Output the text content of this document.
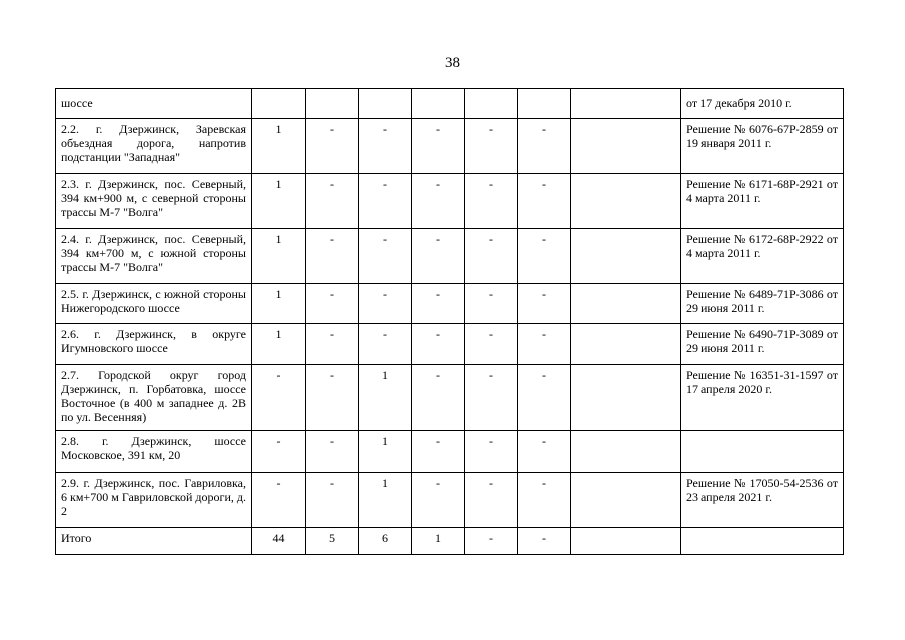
38
шоссе								от 17 декабря 2010 г.
2.2. г. Дзержинск, Заревская объездная дорога, напротив подстанции "Западная"	1	-	-	-	-	-		Решение № 6076-67Р-2859 от 19 января 2011 г.
2.3. г. Дзержинск, пос. Северный, 394 км+900 м, с северной стороны трассы М-7 "Волга"	1	-	-	-	-	-		Решение № 6171-68Р-2921 от 4 марта 2011 г.
2.4. г. Дзержинск, пос. Северный, 394 км+700 м, с южной стороны трассы М-7 "Волга"	1	-	-	-	-	-		Решение № 6172-68Р-2922 от 4 марта 2011 г.
2.5. г. Дзержинск, с южной стороны Нижегородского шоссе	1	-	-	-	-	-		Решение № 6489-71Р-3086 от 29 июня 2011 г.
2.6. г. Дзержинск, в округе Игумновского шоссе	1	-	-	-	-	-		Решение № 6490-71Р-3089 от 29 июня 2011 г.
2.7. Городской округ город Дзержинск, п. Горбатовка, шоссе Восточное (в 400 м западнее д. 2В по ул. Весенняя)	-	-	1	-	-	-		Решение № 16351-31-1597 от 17 апреля 2020 г.
2.8. г. Дзержинск, шоссе Московское, 391 км, 20	-	-	1	-	-	-		
2.9. г. Дзержинск, пос. Гавриловка, 6 км+700 м Гавриловской дороги, д. 2	-	-	1	-	-	-		Решение № 17050-54-2536 от 23 апреля 2021 г.
Итого	44	5	6	1	-	-		
